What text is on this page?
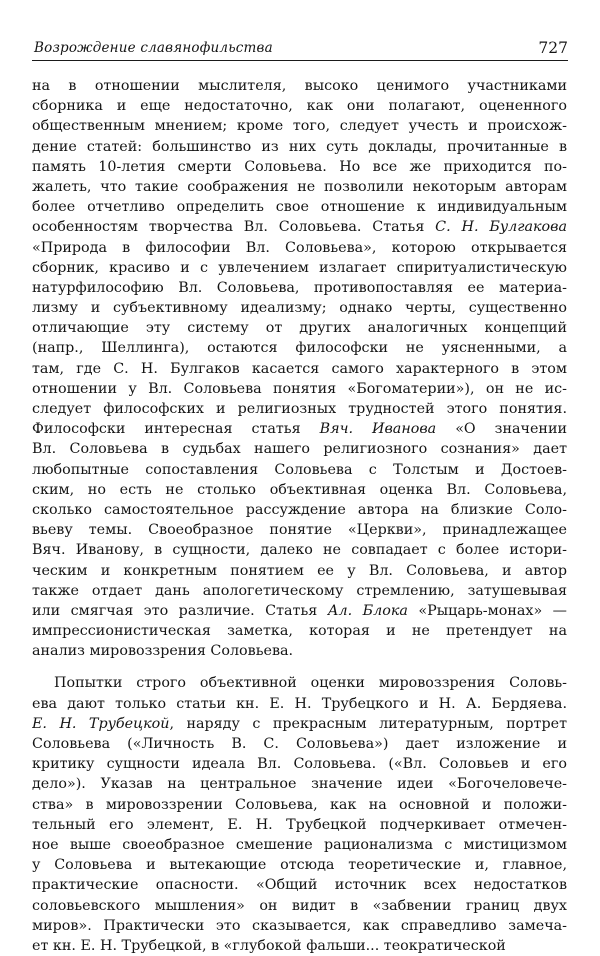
Возрождение славянофильства	727
на в отношении мыслителя, высоко ценимого участниками
сборника и еще недостаточно, как они полагают, оцененного
общественным мнением; кроме того, следует учесть и происхож-
дение статей: большинство из них суть доклады, прочитанные в
память 10-летия смерти Соловьева. Но все же приходится по-
жалеть, что такие соображения не позволили некоторым авторам
более отчетливо определить свое отношение к индивидуальным
особенностям творчества Вл. Соловьева. Статья С. Н. Булгакова
«Природа в философии Вл. Соловьева», которою открывается
сборник, красиво и с увлечением излагает спиритуалистическую
натурфилософию Вл. Соловьева, противопоставляя ее материа-
лизму и субъективному идеализму; однако черты, существенно
отличающие эту систему от других аналогичных концепций
(напр., Шеллинга), остаются философски не уясненными, а
там, где С. Н. Булгаков касается самого характерного в этом
отношении у Вл. Соловьева понятия «Богоматерии»), он не ис-
следует философских и религиозных трудностей этого понятия.
Философски интересная статья Вяч. Иванова «О значении
Вл. Соловьева в судьбах нашего религиозного сознания» дает
любопытные сопоставления Соловьева с Толстым и Достоев-
ским, но есть не столько объективная оценка Вл. Соловьева,
сколько самостоятельное рассуждение автора на близкие Соло-
вьеву темы. Своеобразное понятие «Церкви», принадлежащее
Вяч. Иванову, в сущности, далеко не совпадает с более истори-
ческим и конкретным понятием ее у Вл. Соловьева, и автор
также отдает дань апологетическому стремлению, затушевывая
или смягчая это различие. Статья Ал. Блока «Рыцарь-монах» —
импрессионистическая заметка, которая и не претендует на
анализ мировоззрения Соловьева.
Попытки строго объективной оценки мировоззрения Соловь-
ева дают только статьи кн. Е. Н. Трубецкого и Н. А. Бердяева.
Е. Н. Трубецкой, наряду с прекрасным литературным, портрет
Соловьева («Личность В. С. Соловьева») дает изложение и
критику сущности идеала Вл. Соловьева. («Вл. Соловьев и его
дело»). Указав на центральное значение идеи «Богочеловече-
ства» в мировоззрении Соловьева, как на основной и положи-
тельный его элемент, Е. Н. Трубецкой подчеркивает отмечен-
ное выше своеобразное смешение рационализма с мистицизмом
у Соловьева и вытекающие отсюда теоретические и, главное,
практические опасности. «Общий источник всех недостатков
соловьевского мышления» он видит в «забвении границ двух
миров». Практически это сказывается, как справедливо замеча-
ет кн. Е. Н. Трубецкой, в «глубокой фальши... теократической
